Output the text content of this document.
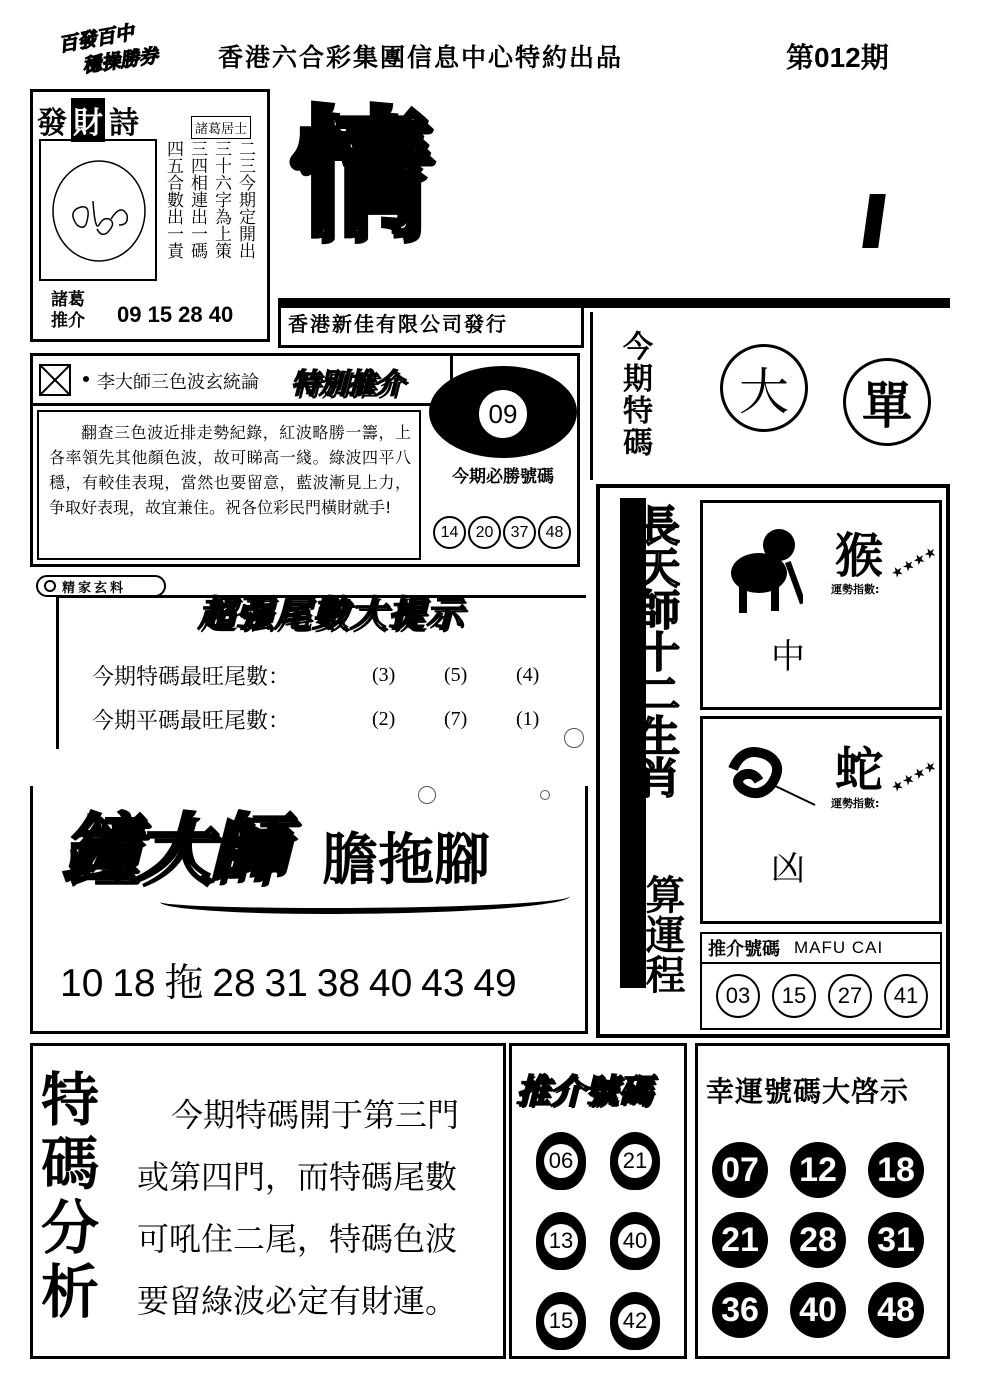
百發百中
穩操勝券 香港六合彩集團信息中心特約出品	第012期
發 財 詩	諸葛居士
二三今期定開出
三十六字為上策
三四相連出一碼
四五合數出一責
諸葛
推介 09 15 28 40
情
香港新佳有限公司發行
李大師三色波玄統論 特別推介
翻查三色波近排走勢紀錄，紅波略勝一籌，上各率領先其他顏色波，故可睇高一綫。綠波四平八穩，有較佳表現，當然也要留意，藍波漸見上力，争取好表現，故宜兼住。祝各位彩民門橫財就手!
09
今期必勝號碼
14	20	37	48
今
期
特
碼
大 單
精家玄料
超强尾數大提示
今期特碼最旺尾數：	(3)	(5)	(4)
今期平碼最旺尾數：	(2)	(7)	(1)
鐘大師 膽拖腳
10 18 拖 28 31 38 40 43 49
長天師十二生肖
算運程
猴
運勢指數:
★★★★
中
蛇
運勢指數:
★★★★
凶
推介號碼 MAFU CAI
03	15	27	41
特
碼
分
析
今期特碼開于第三門
或第四門，而特碼尾數
可吼住二尾，特碼色波
要留綠波必定有財運。
推介號碼
06 21
13 40
15 42
幸運號碼大啓示
07 12 18
21 28 31
36 40 48
